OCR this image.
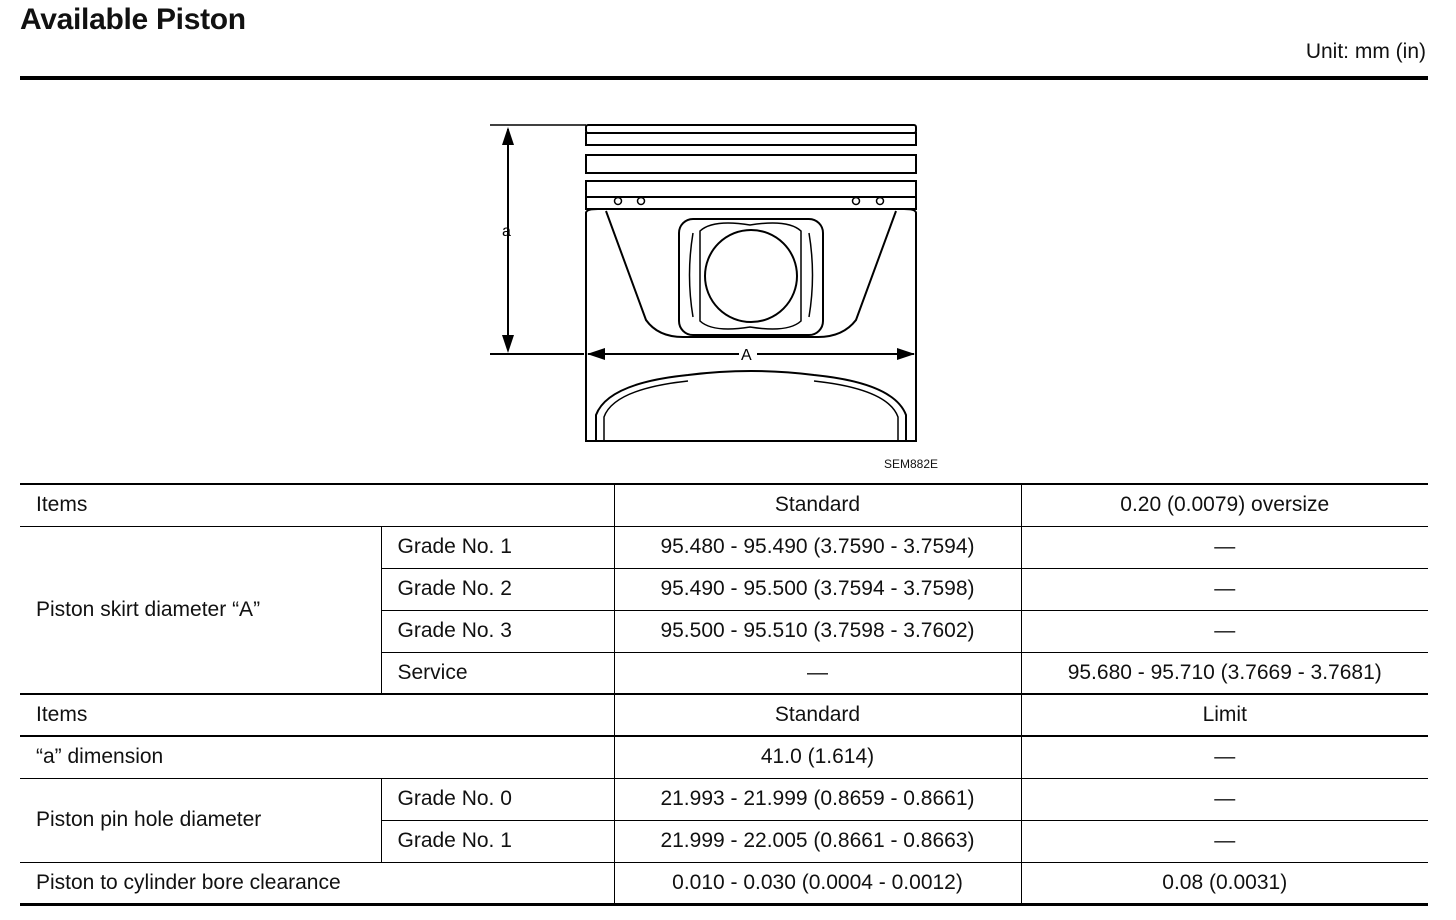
Available Piston
Unit: mm (in)
a
A
SEM882E
Items		Standard	0.20 (0.0079) oversize
Piston skirt diameter “A”	Grade No. 1	95.480 - 95.490 (3.7590 - 3.7594)	—
	Grade No. 2	95.490 - 95.500 (3.7594 - 3.7598)	—
	Grade No. 3	95.500 - 95.510 (3.7598 - 3.7602)	—
	Service	—	95.680 - 95.710 (3.7669 - 3.7681)
Items		Standard	Limit
“a” dimension		41.0 (1.614)	—
Piston pin hole diameter	Grade No. 0	21.993 - 21.999 (0.8659 - 0.8661)	—
	Grade No. 1	21.999 - 22.005 (0.8661 - 0.8663)	—
Piston to cylinder bore clearance		0.010 - 0.030 (0.0004 - 0.0012)	0.08 (0.0031)
